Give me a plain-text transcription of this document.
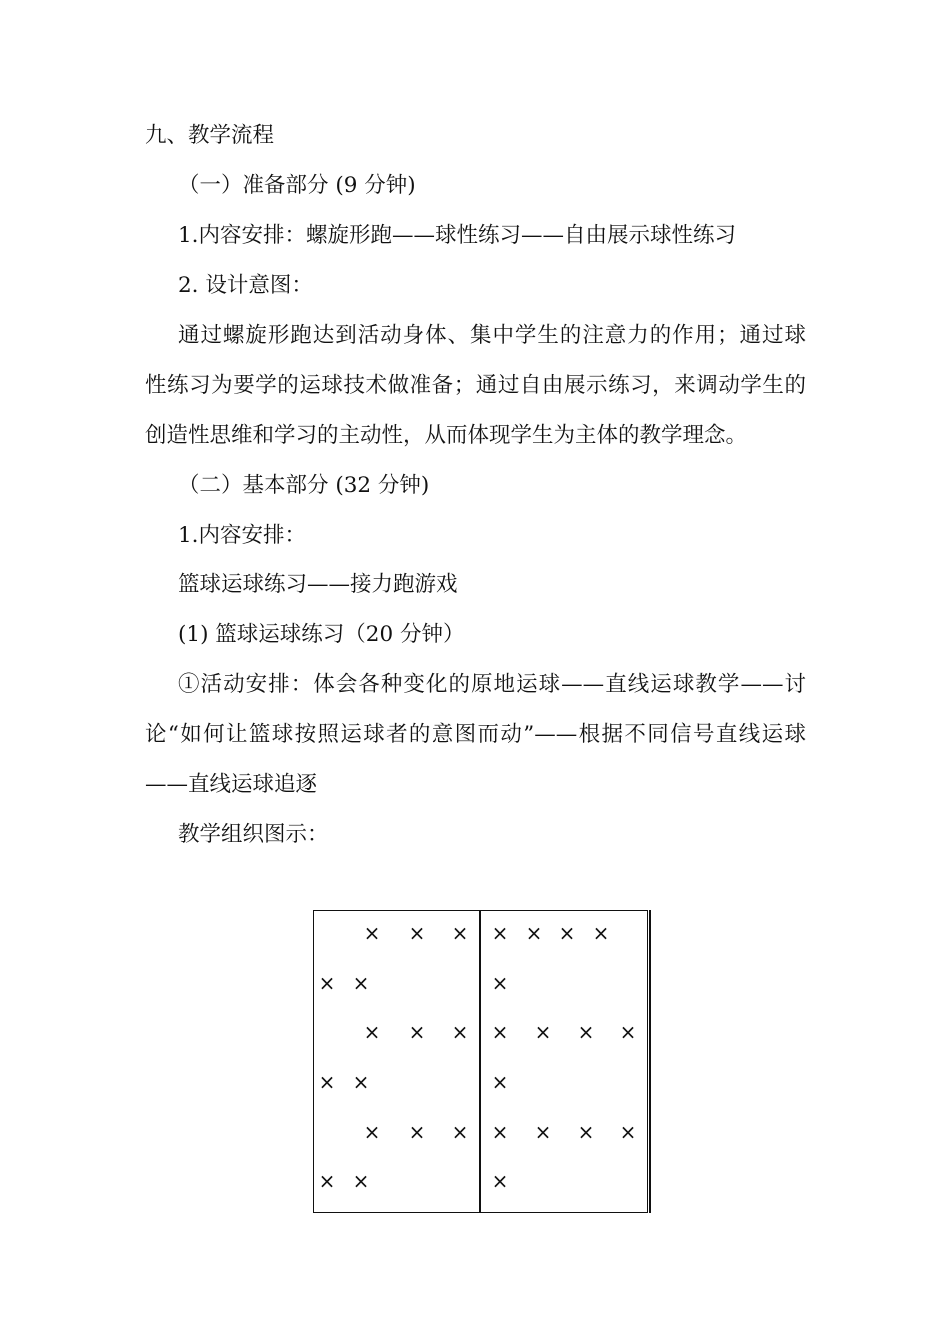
九、教学流程

（一）准备部分 (9 分钟)

1.内容安排：螺旋形跑——球性练习——自由展示球性练习

2. 设计意图：

通过螺旋形跑达到活动身体、集中学生的注意力的作用；通过球

性练习为要学的运球技术做准备；通过自由展示练习，来调动学生的

创造性思维和学习的主动性，从而体现学生为主体的教学理念。

（二）基本部分 (32 分钟)

1.内容安排：

篮球运球练习——接力跑游戏

(1) 篮球运球练习（20 分钟）

①活动安排：体会各种变化的原地运球——直线运球教学——讨

论“如何让篮球按照运球者的意图而动”——根据不同信号直线运球

——直线运球追逐

教学组织图示：

× × × × × × ×
× ×	×
× × × × × × ×
× ×	×
× × × × × × ×
× ×	×
